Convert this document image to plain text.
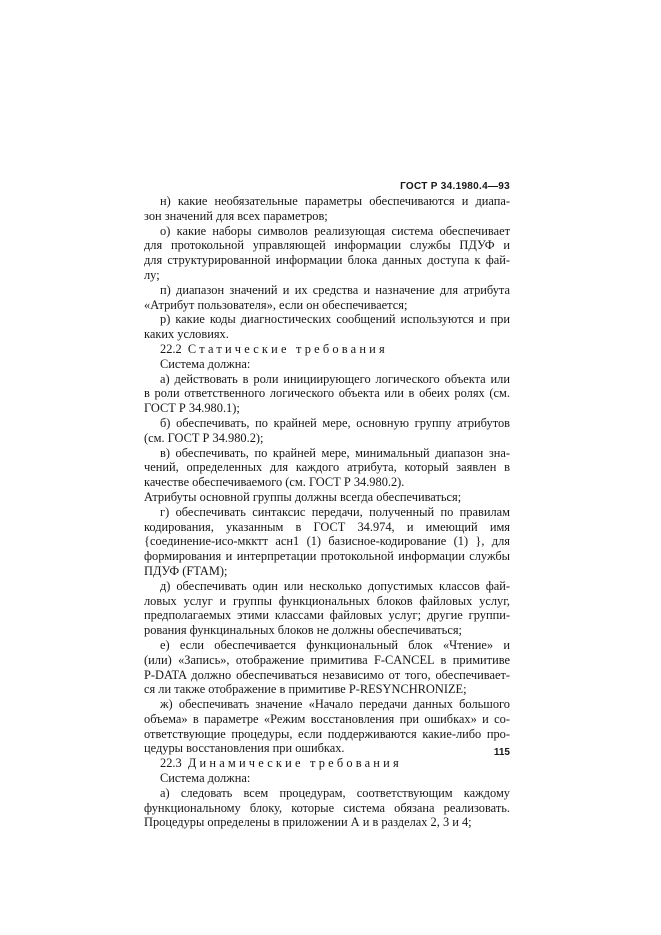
ГОСТ Р 34.1980.4—93
н) какие необязательные параметры обеспечиваются и диапа-
зон значений для всех параметров;
о) какие наборы символов реализующая система обеспечивает
для протокольной управляющей информации службы ПДУФ и
для структурированной информации блока данных доступа к фай-
лу;
п) диапазон значений и их средства и назначение для атрибута
«Атрибут пользователя», если он обеспечивается;
р) какие коды диагностических сообщений используются и при
каких условиях.
22.2 Статические требования
Система должна:
а) действовать в роли инициирующего логического объекта или
в роли ответственного логического объекта или в обеих ролях (см.
ГОСТ Р 34.980.1);
б) обеспечивать, по крайней мере, основную группу атрибутов
(см. ГОСТ Р 34.980.2);
в) обеспечивать, по крайней мере, минимальный диапазон зна-
чений, определенных для каждого атрибута, который заявлен в
качестве обеспечиваемого (см. ГОСТ Р 34.980.2).
Атрибуты основной группы должны всегда обеспечиваться;
г) обеспечивать синтаксис передачи, полученный по правилам
кодирования, указанным в ГОСТ 34.974, и имеющий имя
{соединение-исо-мкктт асн1 (1) базисное-кодирование (1) }, для
формирования и интерпретации протокольной информации службы
ПДУФ (FTAM);
д) обеспечивать один или несколько допустимых классов фай-
ловых услуг и группы функциональных блоков файловых услуг,
предполагаемых этими классами файловых услуг; другие группи-
рования функцинальных блоков не должны обеспечиваться;
е) если обеспечивается функциональный блок «Чтение» и
(или) «Запись», отображение примитива F-CANCEL в примитиве
P-DATA должно обеспечиваться независимо от того, обеспечивает-
ся ли также отображение в примитиве P-RESYNCHRONIZE;
ж) обеспечивать значение «Начало передачи данных большого
объема» в параметре «Режим восстановления при ошибках» и со-
ответствующие процедуры, если поддерживаются какие-либо про-
цедуры восстановления при ошибках.
22.3 Динамические требования
Система должна:
а) следовать всем процедурам, соответствующим каждому
функциональному блоку, которые система обязана реализовать.
Процедуры определены в приложении А и в разделах 2, 3 и 4;
115
